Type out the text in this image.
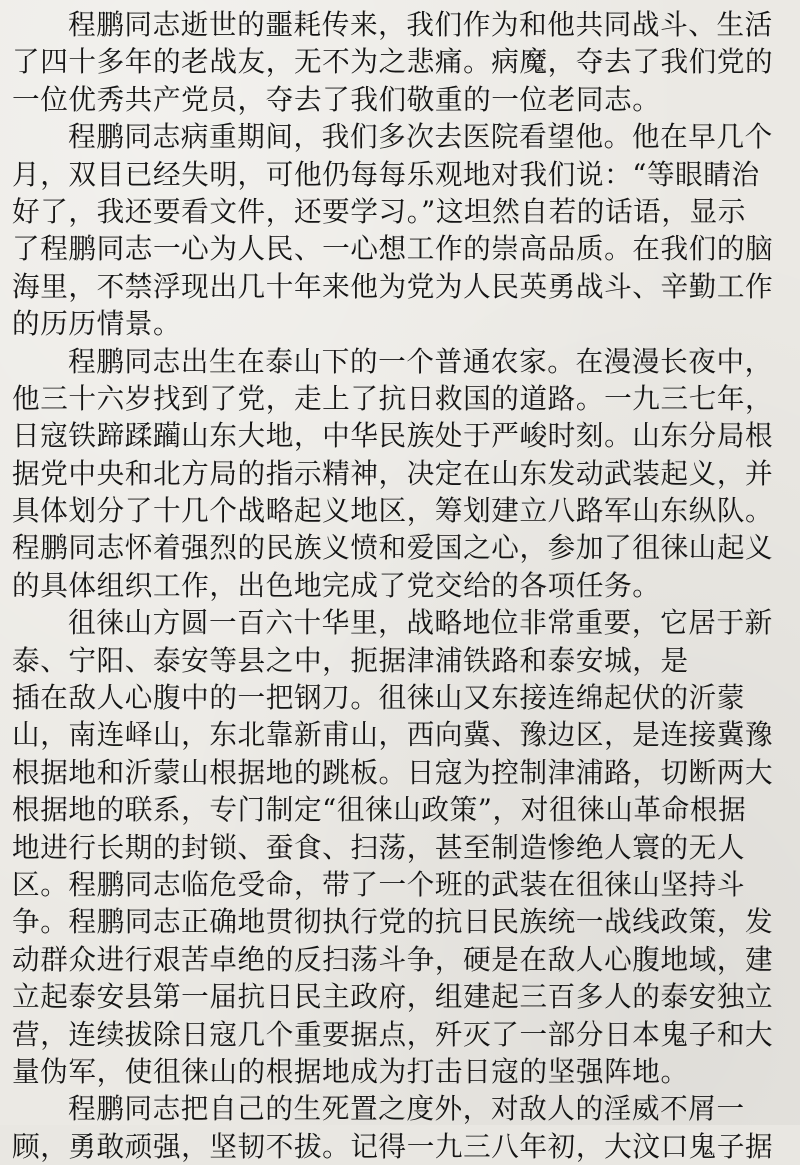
程鹏同志逝世的噩耗传来，我们作为和他共同战斗、生活
了四十多年的老战友，无不为之悲痛。病魔，夺去了我们党的
一位优秀共产党员，夺去了我们敬重的一位老同志。
程鹏同志病重期间，我们多次去医院看望他。他在早几个
月，双目已经失明，可他仍每每乐观地对我们说：“等眼睛治
好了，我还要看文件，还要学习。”这坦然自若的话语，显示
了程鹏同志一心为人民、一心想工作的崇高品质。在我们的脑
海里，不禁浮现出几十年来他为党为人民英勇战斗、辛勤工作
的历历情景。
程鹏同志出生在泰山下的一个普通农家。在漫漫长夜中，
他三十六岁找到了党，走上了抗日救国的道路。一九三七年，
日寇铁蹄蹂躏山东大地，中华民族处于严峻时刻。山东分局根
据党中央和北方局的指示精神，决定在山东发动武装起义，并
具体划分了十几个战略起义地区，筹划建立八路军山东纵队。
程鹏同志怀着强烈的民族义愤和爱国之心，参加了徂徕山起义
的具体组织工作，出色地完成了党交给的各项任务。
徂徕山方圆一百六十华里，战略地位非常重要，它居于新
泰、宁阳、泰安等县之中，扼据津浦铁路和泰安城，是
插在敌人心腹中的一把钢刀。徂徕山又东接连绵起伏的沂蒙
山，南连峄山，东北靠新甫山，西向冀、豫边区，是连接冀豫
根据地和沂蒙山根据地的跳板。日寇为控制津浦路，切断两大
根据地的联系，专门制定“徂徕山政策”，对徂徕山革命根据
地进行长期的封锁、蚕食、扫荡，甚至制造惨绝人寰的无人
区。程鹏同志临危受命，带了一个班的武装在徂徕山坚持斗
争。程鹏同志正确地贯彻执行党的抗日民族统一战线政策，发
动群众进行艰苦卓绝的反扫荡斗争，硬是在敌人心腹地域，建
立起泰安县第一届抗日民主政府，组建起三百多人的泰安独立
营，连续拔除日寇几个重要据点，歼灭了一部分日本鬼子和大
量伪军，使徂徕山的根据地成为打击日寇的坚强阵地。
程鹏同志把自己的生死置之度外，对敌人的淫威不屑一
顾，勇敢顽强，坚韧不拔。记得一九三八年初，大汶口鬼子据
